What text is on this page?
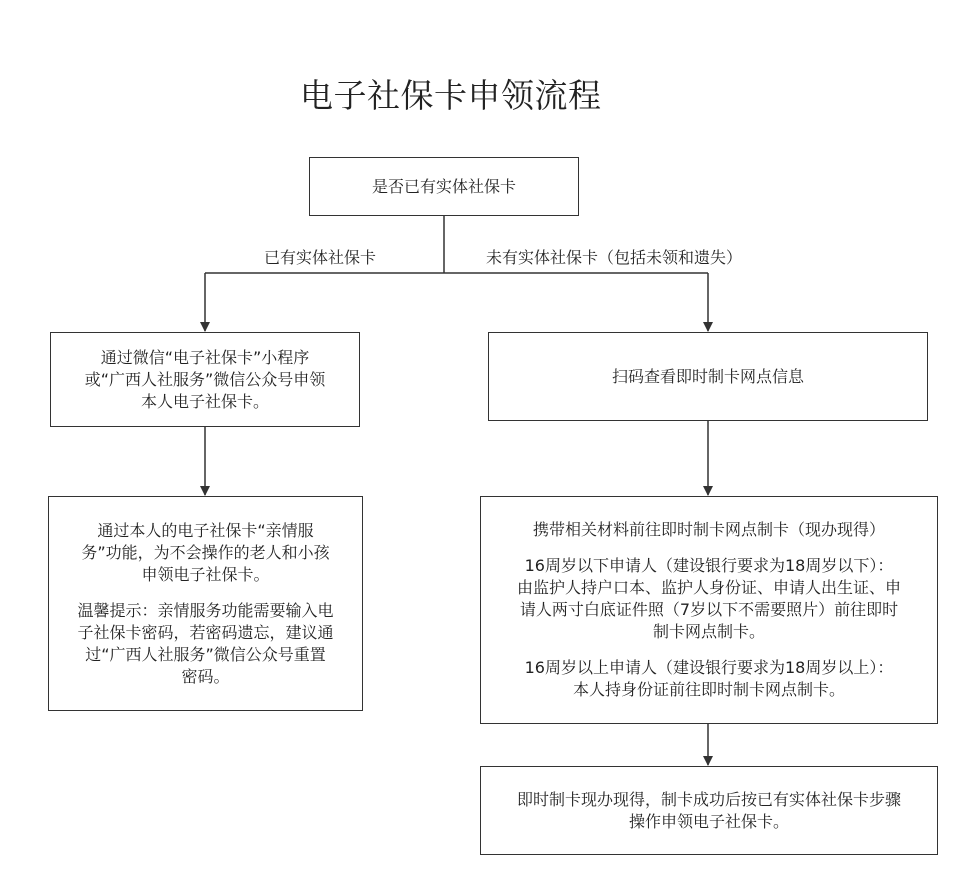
电子社保卡申领流程

是否已有实体社保卡

已有实体社保卡	未有实体社保卡（包括未领和遗失）

通过微信“电子社保卡”小程序

或“广西人社服务”微信公众号申领

本人电子社保卡。

通过本人的电子社保卡“亲情服

务”功能，为不会操作的老人和小孩

申领电子社保卡。

温馨提示：亲情服务功能需要输入电

子社保卡密码，若密码遗忘，建议通

过“广西人社服务”微信公众号重置

密码。

扫码查看即时制卡网点信息

携带相关材料前往即时制卡网点制卡（现办现得）

16周岁以下申请人（建设银行要求为18周岁以下）：

由监护人持户口本、监护人身份证、申请人出生证、申

请人两寸白底证件照（7岁以下不需要照片）前往即时

制卡网点制卡。

16周岁以上申请人（建设银行要求为18周岁以上）：

本人持身份证前往即时制卡网点制卡。

即时制卡现办现得，制卡成功后按已有实体社保卡步骤

操作申领电子社保卡。
